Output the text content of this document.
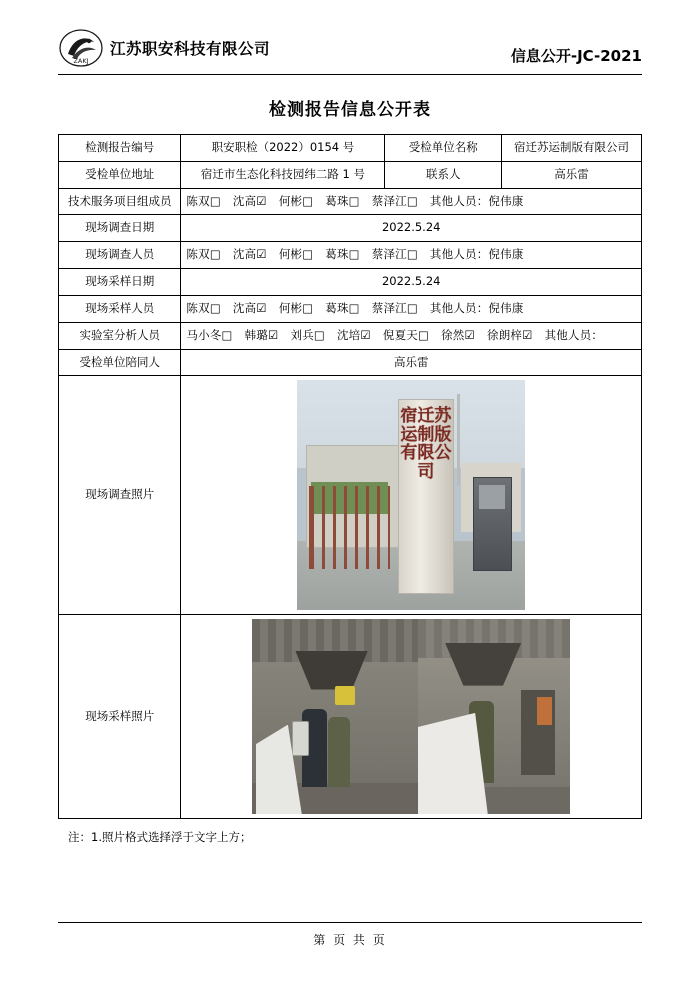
ZAKJ
江苏职安科技有限公司	信息公开-JC-2021
检测报告信息公开表
检测报告编号	职安职检（2022）0154 号	受检单位名称	宿迁苏运制版有限公司
受检单位地址	宿迁市生态化科技园纬二路 1 号	联系人	高乐雷
技术服务项目组成员	陈双□ 沈高☑ 何彬□ 葛珠□ 蔡泽江□ 其他人员：倪伟康		
现场调查日期	2022.5.24		
现场调查人员	陈双□ 沈高☑ 何彬□ 葛珠□ 蔡泽江□ 其他人员：倪伟康		
现场采样日期	2022.5.24		
现场采样人员	陈双□ 沈高☑ 何彬□ 葛珠□ 蔡泽江□ 其他人员：倪伟康		
实验室分析人员	马小冬□ 韩璐☑ 刘兵□ 沈培☑ 倪夏天□ 徐然☑ 徐朗梓☑ 其他人员：		
受检单位陪同人	高乐雷		
现场调查照片	宿迁苏运制版有限公司		

现场采样照片			
注：1.照片格式选择浮于文字上方；
第 页 共 页
